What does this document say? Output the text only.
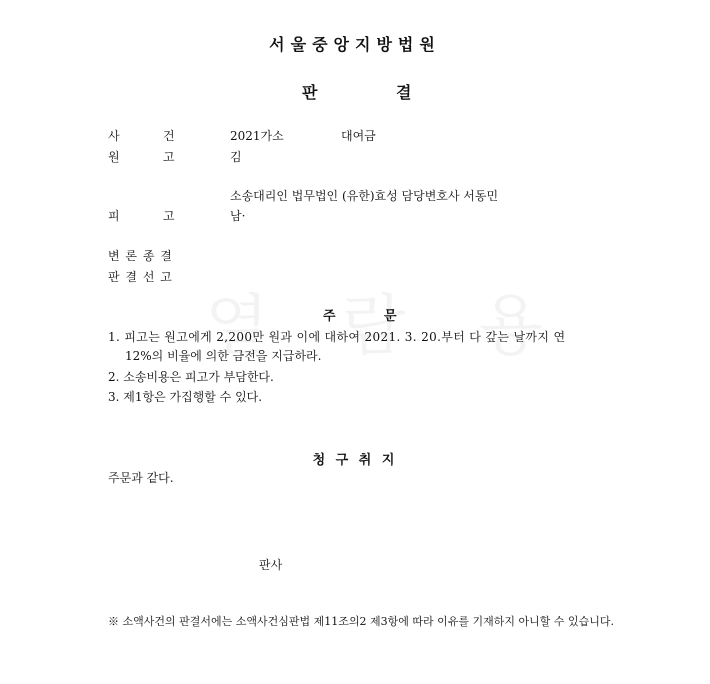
서울중앙지방법원
판	결
사	건	2021가소	대여금
원	고	김
소송대리인 법무법인 (유한)효성 담당변호사 서동민
피	고	남·
변 론 종 결
판 결 선 고
주	문
1. 피고는 원고에게 2,200만 원과 이에 대하여 2021. 3. 20.부터 다 갚는 날까지 연
12%의 비율에 의한 금전을 지급하라.
2. 소송비용은 피고가 부담한다.
3. 제1항은 가집행할 수 있다.
청 구 취 지
주문과 같다.
판사
※ 소액사건의 판결서에는 소액사건심판법 제11조의2 제3항에 따라 이유를 기재하지 아니할 수 있습니다.
